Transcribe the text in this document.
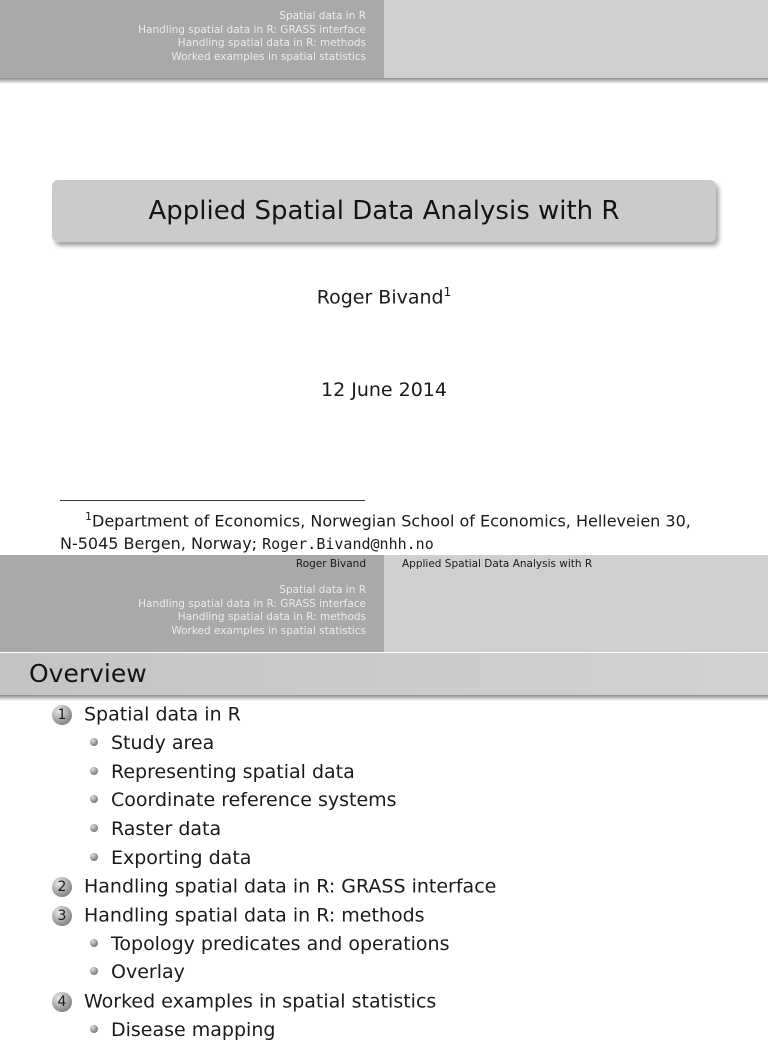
Spatial data in R
Handling spatial data in R: GRASS interface
Handling spatial data in R: methods
Worked examples in spatial statistics
Applied Spatial Data Analysis with R
Roger Bivand$^1$
12 June 2014
$^1$Department of Economics, Norwegian School of Economics, Helleveien 30,
N-5045 Bergen, Norway; Roger.Bivand@nhh.no
Roger Bivand	Applied Spatial Data Analysis with R
Spatial data in R
Handling spatial data in R: GRASS interface
Handling spatial data in R: methods
Worked examples in spatial statistics
Overview
1 Spatial data in R
Study area
Representing spatial data
Coordinate reference systems
Raster data
Exporting data
2 Handling spatial data in R: GRASS interface
3 Handling spatial data in R: methods
Topology predicates and operations
Overlay
4 Worked examples in spatial statistics
Disease mapping
